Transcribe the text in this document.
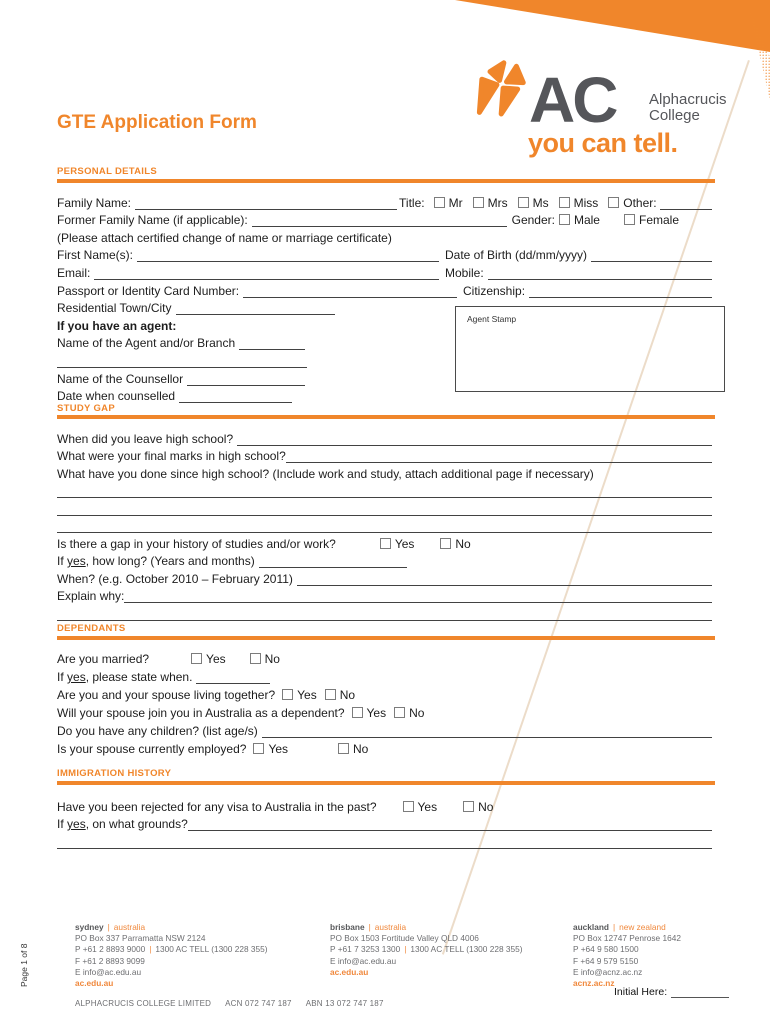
AC Alphacrucis
College
you can tell.
GTE Application Form
PERSONAL DETAILS
Family Name:	Title:	Mr Mrs Ms Miss Other:
Former Family Name (if applicable):	Gender:	Male	Female
(Please attach certified change of name or marriage certificate)
First Name(s):	Date of Birth (dd/mm/yyyy)
Email:	Mobile:
Passport or Identity Card Number:	Citizenship:
Residential Town/City
If you have an agent:
Name of the Agent and/or Branch
Name of the Counsellor
Date when counselled
Agent Stamp
STUDY GAP
When did you leave high school?
What were your final marks in high school?
What have you done since high school? (Include work and study, attach additional page if necessary)
Is there a gap in your history of studies and/or work?	Yes	No
If yes, how long? (Years and months)
When? (e.g. October 2010 – February 2011)
Explain why:
DEPENDANTS
Are you married?	Yes	No
If yes, please state when.
Are you and your spouse living together? Yes No
Will your spouse join you in Australia as a dependent? Yes No
Do you have any children? (list age/s)
Is your spouse currently employed? Yes	No
IMMIGRATION HISTORY
Have you been rejected for any visa to Australia in the past?	Yes	No
If yes, on what grounds?
sydney | australia
PO Box 337 Parramatta NSW 2124
P +61 2 8893 9000 | 1300 AC TELL (1300 228 355)
F +61 2 8893 9099
E info@ac.edu.au
ac.edu.au
brisbane | australia
PO Box 1503 Fortitude Valley QLD 4006
P +61 7 3253 1300 | 1300 AC TELL (1300 228 355)
E info@ac.edu.au
ac.edu.au
auckland | new zealand
PO Box 12747 Penrose 1642
P +64 9 580 1500
F +64 9 579 5150
E info@acnz.ac.nz
acnz.ac.nz
ALPHACRUCIS COLLEGE LIMITED ACN 072 747 187 ABN 13 072 747 187
Initial Here:
Page 1 of 8
